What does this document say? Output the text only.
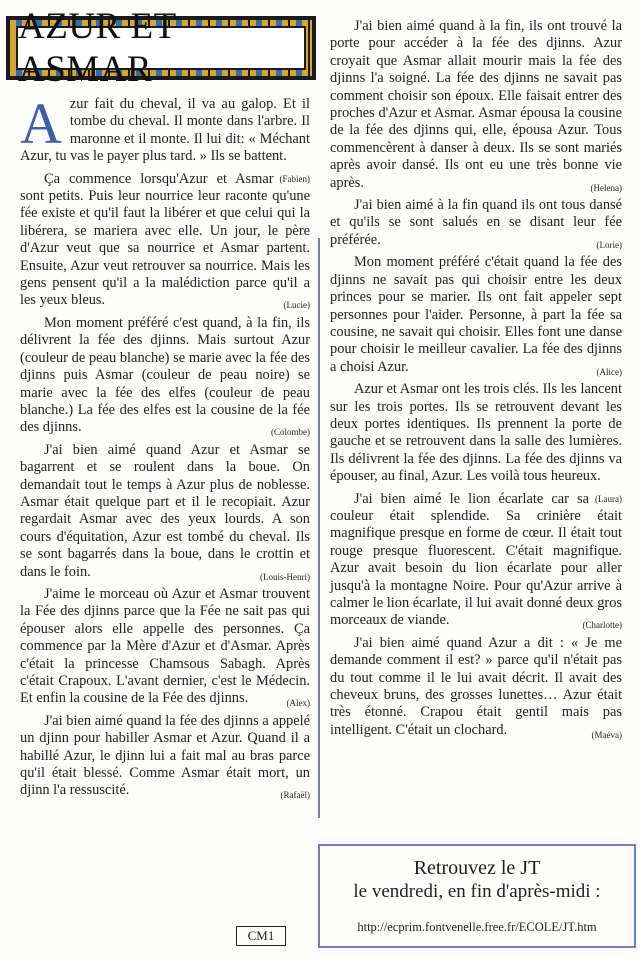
AZUR ET ASMAR

Azur fait du cheval, il va au galop. Et il tombe du cheval. Il monte dans l'arbre. Il maronne et il monte. Il lui dit: « Méchant Azur, tu vas le payer plus tard. » Ils se battent.
(Fabien)

Ça commence lorsqu'Azur et Asmar sont petits. Puis leur nourrice leur raconte qu'une fée existe et qu'il faut la libérer et que celui qui la libérera, se mariera avec elle. Un jour, le père d'Azur veut que sa nourrice et Asmar partent. Ensuite, Azur veut retrouver sa nourrice. Mais les gens pensent qu'il a la malédiction parce qu'il a les yeux bleus.	(Lucie)

Mon moment préféré c'est quand, à la fin, ils délivrent la fée des djinns. Mais surtout Azur (couleur de peau blanche) se marie avec la fée des djinns puis Asmar (couleur de peau noire) se marie avec la fée des elfes (couleur de peau blanche.) La fée des elfes est la cousine de la fée des djinns.	(Colombe)

J'ai bien aimé quand Azur et Asmar se bagarrent et se roulent dans la boue. On demandait tout le temps à Azur plus de noblesse. Asmar était quelque part et il le recopiait. Azur regardait Asmar avec des yeux lourds. A son cours d'équitation, Azur est tombé du cheval. Ils se sont bagarrés dans la boue, dans le crottin et dans le foin.	(Louis-Henri)

J'aime le morceau où Azur et Asmar trouvent la Fée des djinns parce que la Fée ne sait pas qui épouser alors elle appelle des personnes. Ça commence par la Mère d'Azur et d'Asmar. Après c'était la princesse Chamsous Sabagh. Après c'était Crapoux. L'avant dernier, c'est le Médecin. Et enfin la cousine de la Fée des djinns.	(Alex)

J'ai bien aimé quand la fée des djinns a appelé un djinn pour habiller Asmar et Azur. Quand il a habillé Azur, le djinn lui a fait mal au bras parce qu'il était blessé. Comme Asmar était mort, un djinn l'a ressuscité.	(Rafaël)

J'ai bien aimé quand à la fin, ils ont trouvé la porte pour accéder à la fée des djinns. Azur croyait que Asmar allait mourir mais la fée des djinns l'a soigné. La fée des djinns ne savait pas comment choisir son époux. Elle faisait entrer des proches d'Azur et Asmar. Asmar épousa la cousine de la fée des djinns qui, elle, épousa Azur. Tous commencèrent à danser à deux. Ils se sont mariés après avoir dansé. Ils ont eu une très bonne vie après.	(Helena)

J'ai bien aimé à la fin quand ils ont tous dansé et qu'ils se sont salués en se disant leur fée préférée.	(Lorie)

Mon moment préféré c'était quand la fée des djinns ne savait pas qui choisir entre les deux princes pour se marier. Ils ont fait appeler sept personnes pour l'aider. Personne, à part la fée sa cousine, ne savait qui choisir. Elles font une danse pour choisir le meilleur cavalier. La fée des djinns a choisi Azur.	(Alice)

Azur et Asmar ont les trois clés. Ils les lancent sur les trois portes. Ils se retrouvent devant les deux portes identiques. Ils prennent la porte de gauche et se retrouvent dans la salle des lumières. Ils délivrent la fée des djinns. La fée des djinns va épouser, au final, Azur. Les voilà tous heureux.
(Laura)

J'ai bien aimé le lion écarlate car sa couleur était splendide. Sa crinière était magnifique presque en forme de cœur. Il était tout rouge presque fluorescent. C'était magnifique. Azur avait besoin du lion écarlate pour aller jusqu'à la montagne Noire. Pour qu'Azur arrive à calmer le lion écarlate, il lui avait donné deux gros morceaux de viande.	(Charlotte)

J'ai bien aimé quand Azur a dit : « Je me demande comment il est? » parce qu'il n'était pas du tout comme il le lui avait décrit. Il avait des cheveux bruns, des grosses lunettes… Azur était très étonné. Crapou était gentil mais pas intelligent. C'était un clochard.	(Maéva)

CM1
Retrouvez le JT
le vendredi, en fin d'après-midi :
http://ecprim.fontvenelle.free.fr/ECOLE/JT.htm
